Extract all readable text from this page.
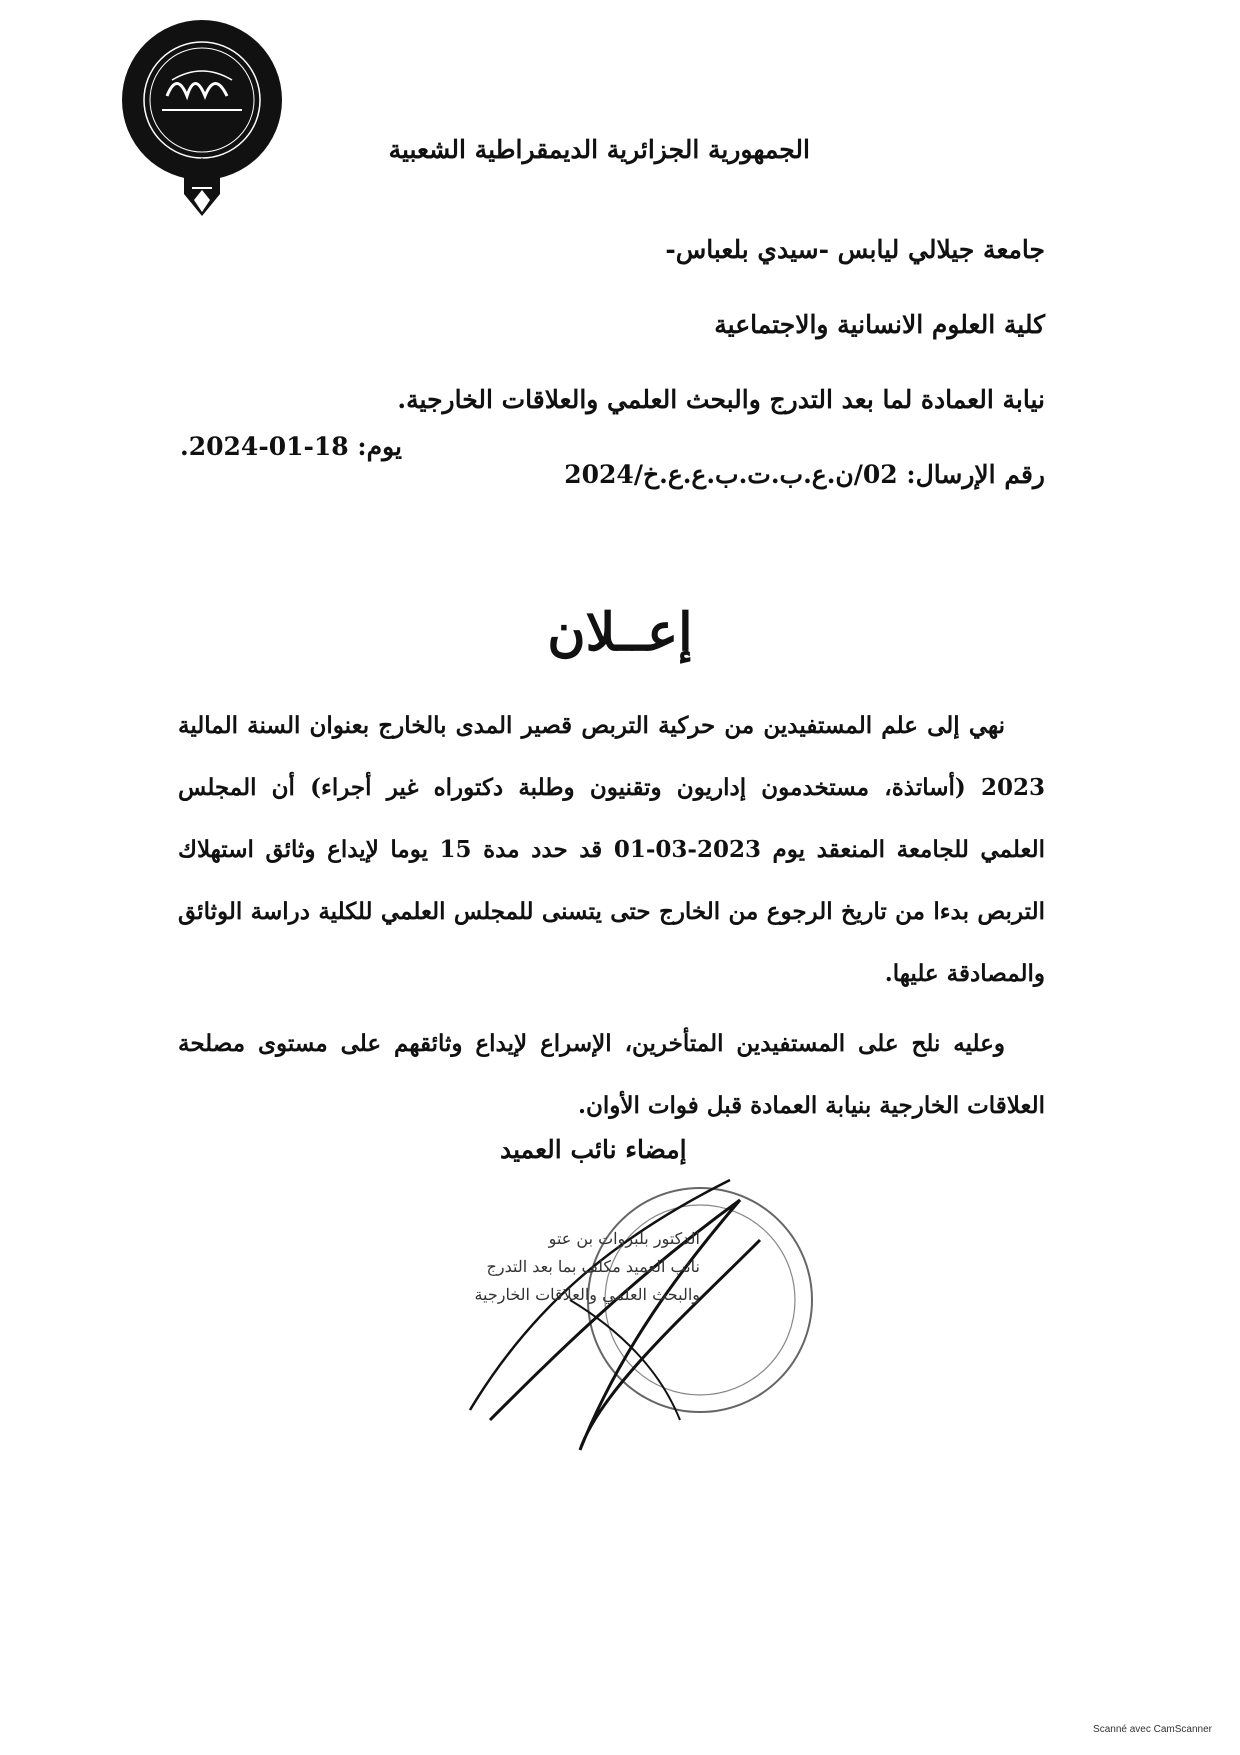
الجمهورية الجزائرية الديمقراطية الشعبية
جامعة جيلالي ليابس -سيدي بلعباس-
كلية العلوم الانسانية والاجتماعية
نيابة العمادة لما بعد التدرج والبحث العلمي والعلاقات الخارجية.
رقم الإرسال: 02/ن.ع.ب.ت.ب.ع.ع.خ/2024
يوم: 18-01-2024.
إعــلان

نهي إلى علم المستفيدين من حركية التربص قصير المدى بالخارج بعنوان السنة المالية 2023 (أساتذة، مستخدمون إداريون وتقنيون وطلبة دكتوراه غير أجراء) أن المجلس العلمي للجامعة المنعقد يوم 2023-03-01 قد حدد مدة 15 يوما لإيداع وثائق استهلاك التربص بدءا من تاريخ الرجوع من الخارج حتى يتسنى للمجلس العلمي للكلية دراسة الوثائق والمصادقة عليها.

وعليه نلح على المستفيدين المتأخرين، الإسراع لإيداع وثائقهم على مستوى مصلحة العلاقات الخارجية بنيابة العمادة قبل فوات الأوان.

إمضاء نائب العميد
الدكتور بلبروات بن عتو
نائب العميد مكلف بما بعد التدرج
والبحث العلمي والعلاقات الخارجية
Scanné avec CamScanner
